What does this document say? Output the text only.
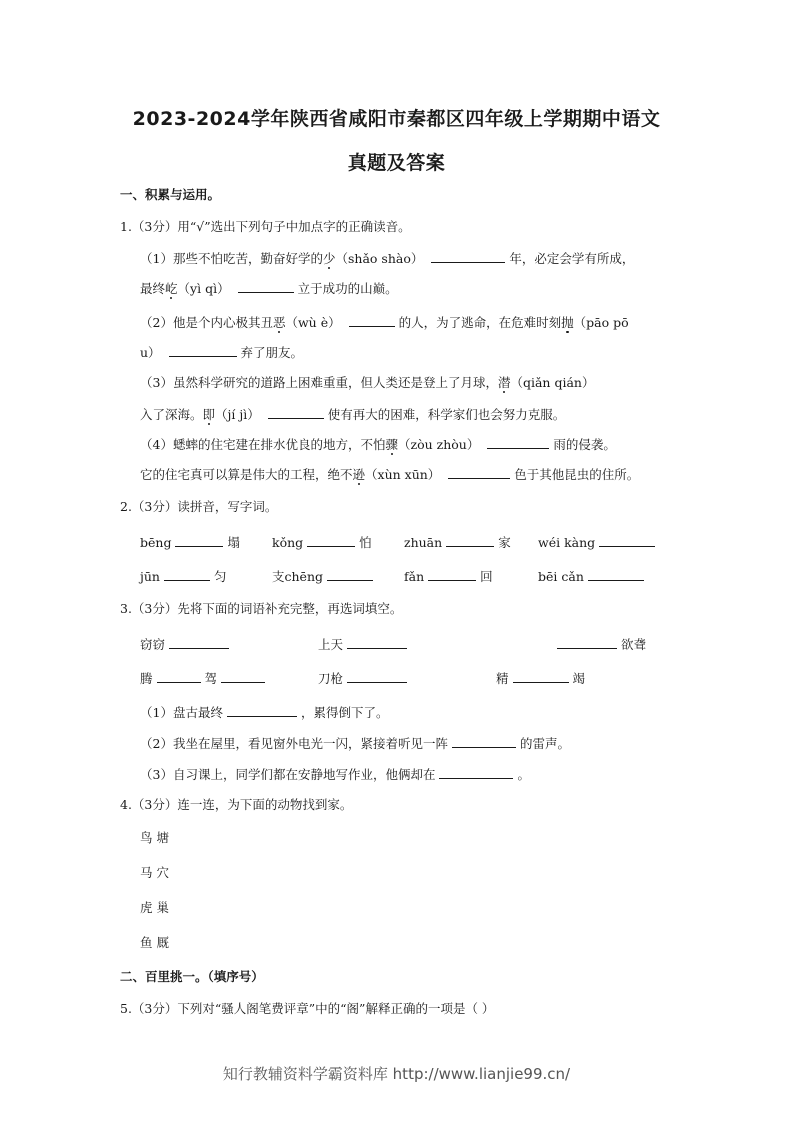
2023-2024学年陕西省咸阳市秦都区四年级上学期期中语文
真题及答案
一、积累与运用。
1.（3分）用“√”选出下列句子中加点字的正确读音。
（1）那些不怕吃苦，勤奋好学的少（shǎo shào）	年，必定会学有所成，
最终屹（yì qì）	立于成功的山巅。
（2）他是个内心极其丑恶（wù è）	的人，为了逃命，在危难时刻抛（pāo pō
u）	弃了朋友。
（3）虽然科学研究的道路上困难重重，但人类还是登上了月球，潜（qiǎn qián）
入了深海。即（jí jì）	使有再大的困难，科学家们也会努力克服。
（4）蟋蟀的住宅建在排水优良的地方，不怕骤（zòu zhòu）	雨的侵袭。
它的住宅真可以算是伟大的工程，绝不逊（xùn xūn）	色于其他昆虫的住所。
2.（3分）读拼音，写字词。
bēng	塌	kǒng	怕	zhuān	家 wéi kàng
jūn	匀	支chēng	fǎn	回	bēi cǎn
3.（3分）先将下面的词语补充完整，再选词填空。
窃窃	上天	欲聋
腾	驾	刀枪	精	竭
（1）盘古最终	，累得倒下了。
（2）我坐在屋里，看见窗外电光一闪，紧接着听见一阵	的雷声。
（3）自习课上，同学们都在安静地写作业，他俩却在	。
4.（3分）连一连，为下面的动物找到家。
鸟 塘
马 穴
虎 巢
鱼 厩
二、百里挑一。（填序号）
5.（3分）下列对“骚人阁笔费评章”中的“阁”解释正确的一项是（ ）
知行教辅资料学霸资料库 http://www.lianjie99.cn/
